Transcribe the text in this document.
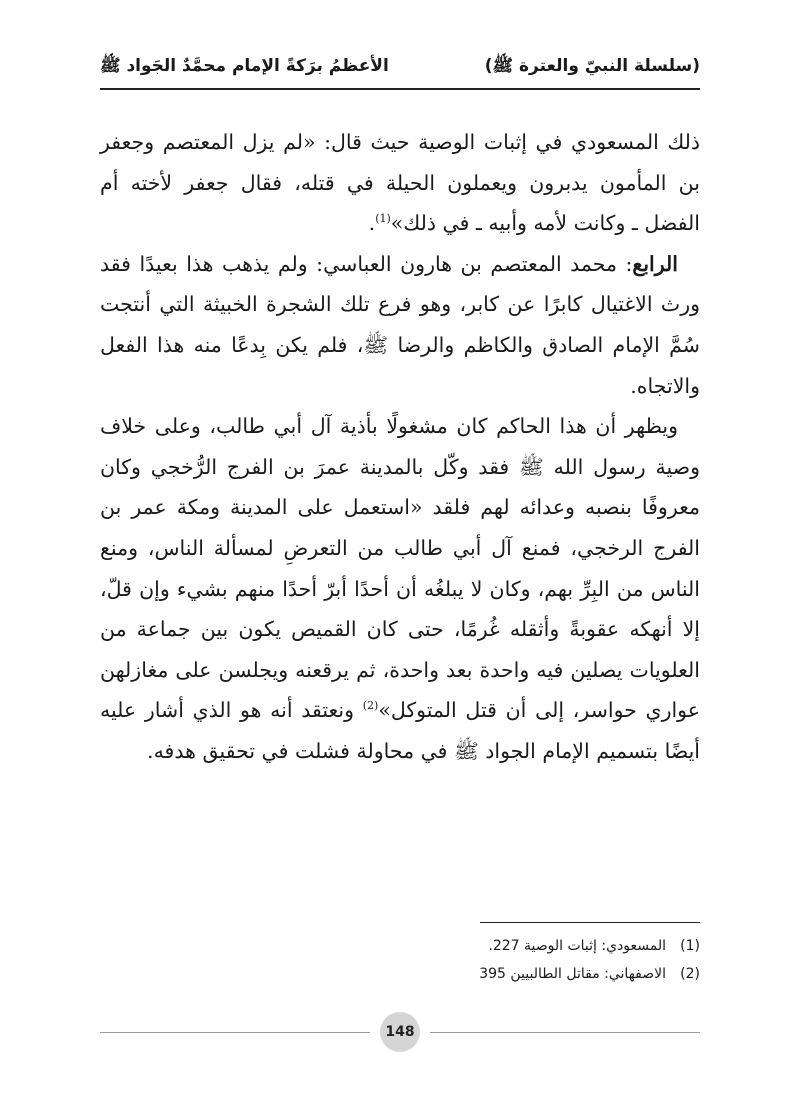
(سلسلة النبيّ والعترة ﷺ)
الأعظمُ برَكةً الإمام محمَّدٌ الجَواد ﷺ

ذلك المسعودي في إثبات الوصية حيث قال: «لم يزل المعتصم وجعفر بن المأمون يدبرون ويعملون الحيلة في قتله، فقال جعفر لأخته أم الفضل ـ وكانت لأمه وأبيه ـ في ذلك»$^{(1)}$.

الرابع: محمد المعتصم بن هارون العباسي: ولم يذهب هذا بعيدًا فقد ورث الاغتيال كابرًا عن كابر، وهو فرع تلك الشجرة الخبيثة التي أنتجت سُمَّ الإمام الصادق والكاظم والرضا ﷺ، فلم يكن بِدعًا منه هذا الفعل والاتجاه.

ويظهر أن هذا الحاكم كان مشغولًا بأذية آل أبي طالب، وعلى خلاف وصية رسول الله ﷺ فقد وكّل بالمدينة عمرَ بن الفرج الرُّخجي وكان معروفًا بنصبه وعدائه لهم فلقد «استعمل على المدينة ومكة عمر بن الفرج الرخجي، فمنع آل أبي طالب من التعرضِ لمسألة الناس، ومنع الناس من البِرِّ بهم، وكان لا يبلغُه أن أحدًا أبرّ أحدًا منهم بشيء وإن قلّ، إلا أنهكه عقوبةً وأثقله غُرمًا، حتى كان القميص يكون بين جماعة من العلويات يصلين فيه واحدة بعد واحدة، ثم يرقعنه ويجلسن على مغازلهن عواري حواسر، إلى أن قتل المتوكل»$^{(2)}$ ونعتقد أنه هو الذي أشار عليه أيضًا بتسميم الإمام الجواد ﷺ في محاولة فشلت في تحقيق هدفه.

(1)
المسعودي: إثبات الوصية 227.
(2)
الاصفهاني: مقاتل الطالبيين 395
148
